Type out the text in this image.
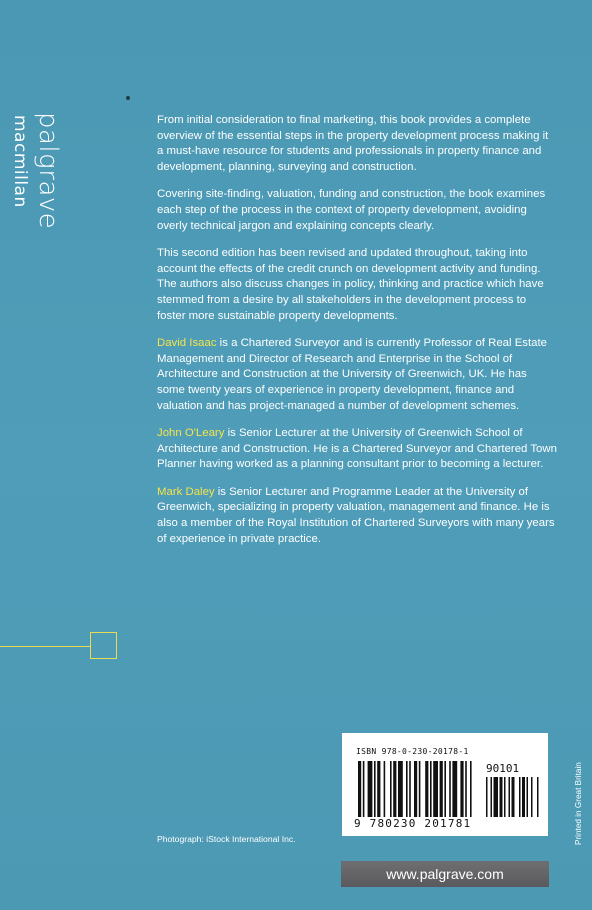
palgrave
macmillan	From initial consideration to final marketing, this book provides a complete overview of the essential steps in the property development process making it a must-have resource for students and professionals in property finance and development, planning, surveying and construction.

Covering site-finding, valuation, funding and construction, the book examines each step of the process in the context of property development, avoiding overly technical jargon and explaining concepts clearly.

This second edition has been revised and updated throughout, taking into account the effects of the credit crunch on development activity and funding. The authors also discuss changes in policy, thinking and practice which have stemmed from a desire by all stakeholders in the development process to foster more sustainable property developments.

David Isaac is a Chartered Surveyor and is currently Professor of Real Estate Management and Director of Research and Enterprise in the School of Architecture and Construction at the University of Greenwich, UK. He has some twenty years of experience in property development, finance and valuation and has project-managed a number of development schemes.

John O'Leary is Senior Lecturer at the University of Greenwich School of Architecture and Construction. He is a Chartered Surveyor and Chartered Town Planner having worked as a planning consultant prior to becoming a lecturer.

Mark Daley is Senior Lecturer and Programme Leader at the University of Greenwich, specializing in property valuation, management and finance. He is also a member of the Royal Institution of Chartered Surveyors with many years of experience in private practice.

Photograph: iStock International Inc.
ISBN 978-0-230-20178-1
90101
9 780230 201781	Printed in Great Britain
www.palgrave.com
